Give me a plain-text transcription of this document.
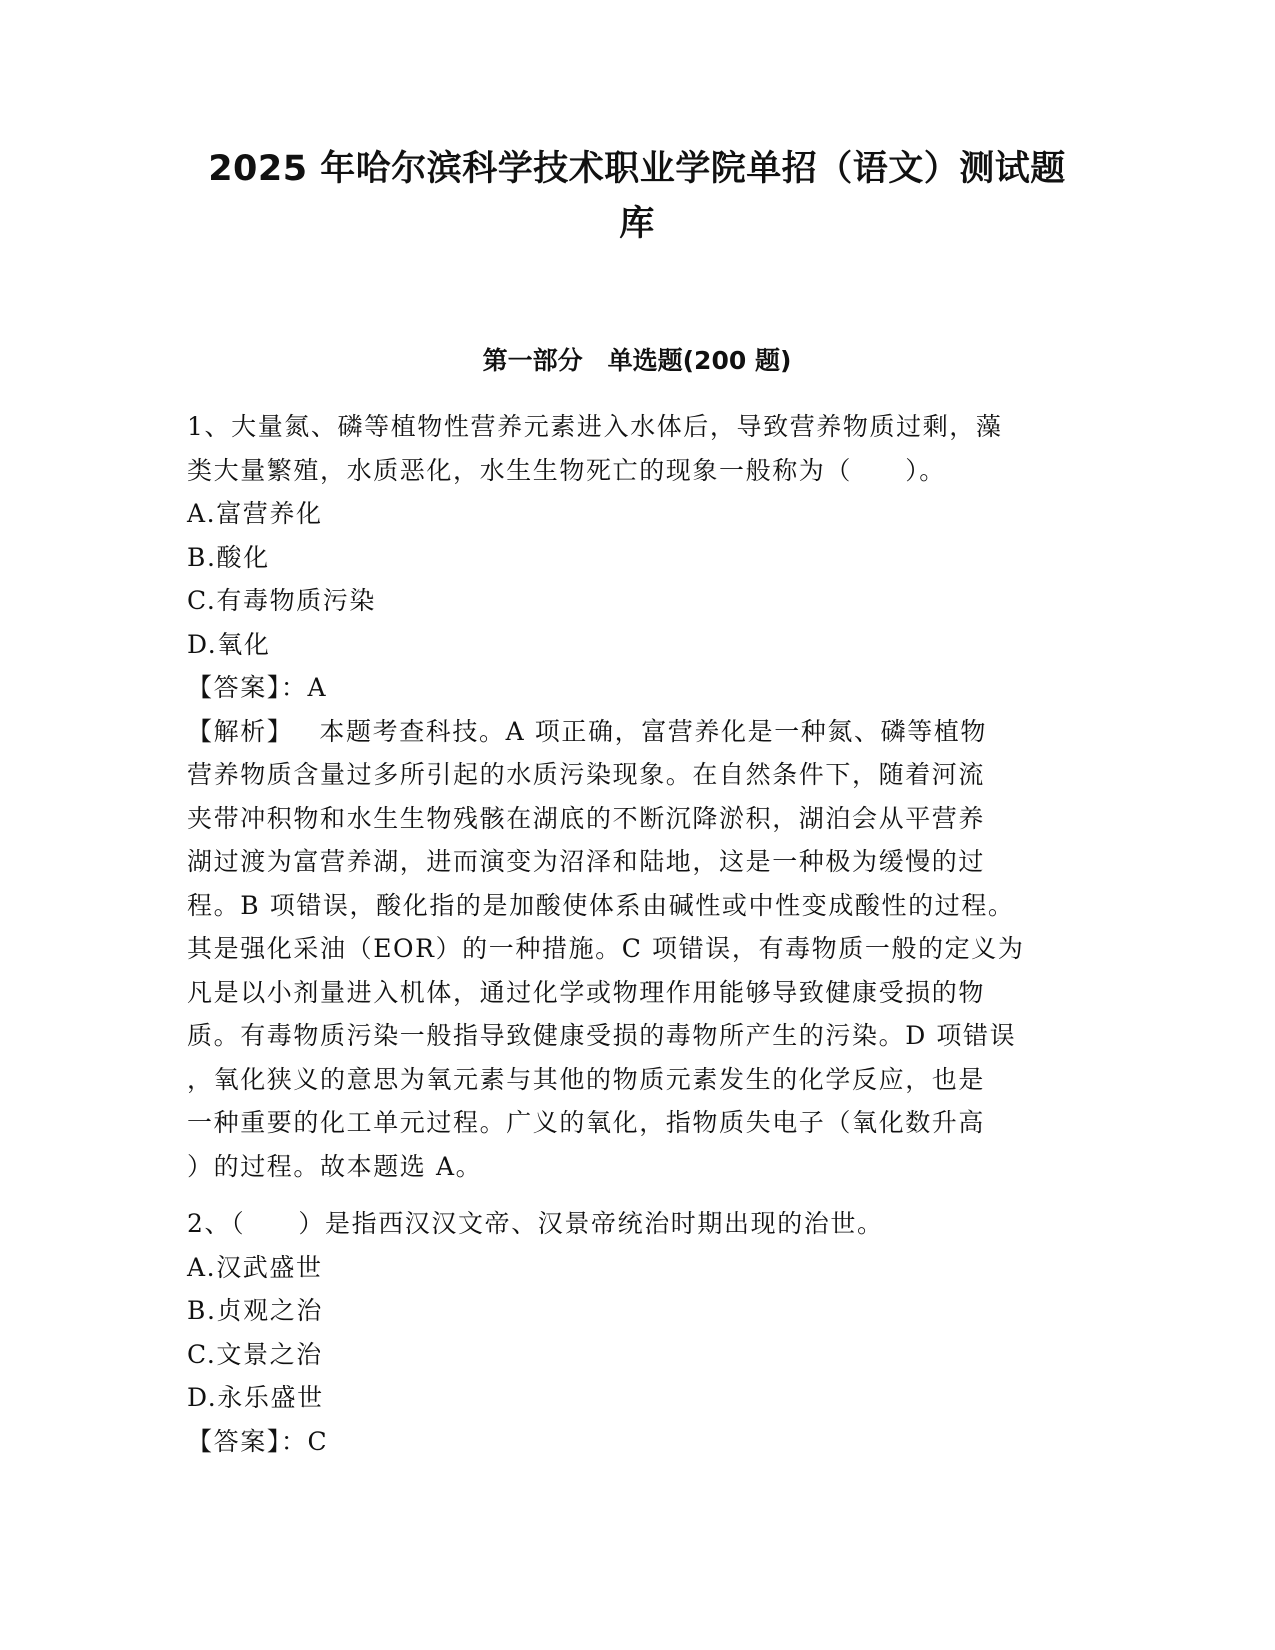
2025 年哈尔滨科学技术职业学院单招（语文）测试题
库
第一部分　单选题(200 题)
1、大量氮、磷等植物性营养元素进入水体后，导致营养物质过剩，藻
类大量繁殖，水质恶化，水生生物死亡的现象一般称为（　　）。
A.富营养化
B.酸化
C.有毒物质污染
D.氧化
【答案】：A
【解析】 本题考查科技。A 项正确，富营养化是一种氮、磷等植物
营养物质含量过多所引起的水质污染现象。在自然条件下，随着河流
夹带冲积物和水生生物残骸在湖底的不断沉降淤积，湖泊会从平营养
湖过渡为富营养湖，进而演变为沼泽和陆地，这是一种极为缓慢的过
程。B 项错误，酸化指的是加酸使体系由碱性或中性变成酸性的过程。
其是强化采油（EOR）的一种措施。C 项错误，有毒物质一般的定义为
凡是以小剂量进入机体，通过化学或物理作用能够导致健康受损的物
质。有毒物质污染一般指导致健康受损的毒物所产生的污染。D 项错误
，氧化狭义的意思为氧元素与其他的物质元素发生的化学反应，也是
一种重要的化工单元过程。广义的氧化，指物质失电子（氧化数升高
）的过程。故本题选 A。
2、（　　）是指西汉汉文帝、汉景帝统治时期出现的治世。
A.汉武盛世
B.贞观之治
C.文景之治
D.永乐盛世
【答案】：C
